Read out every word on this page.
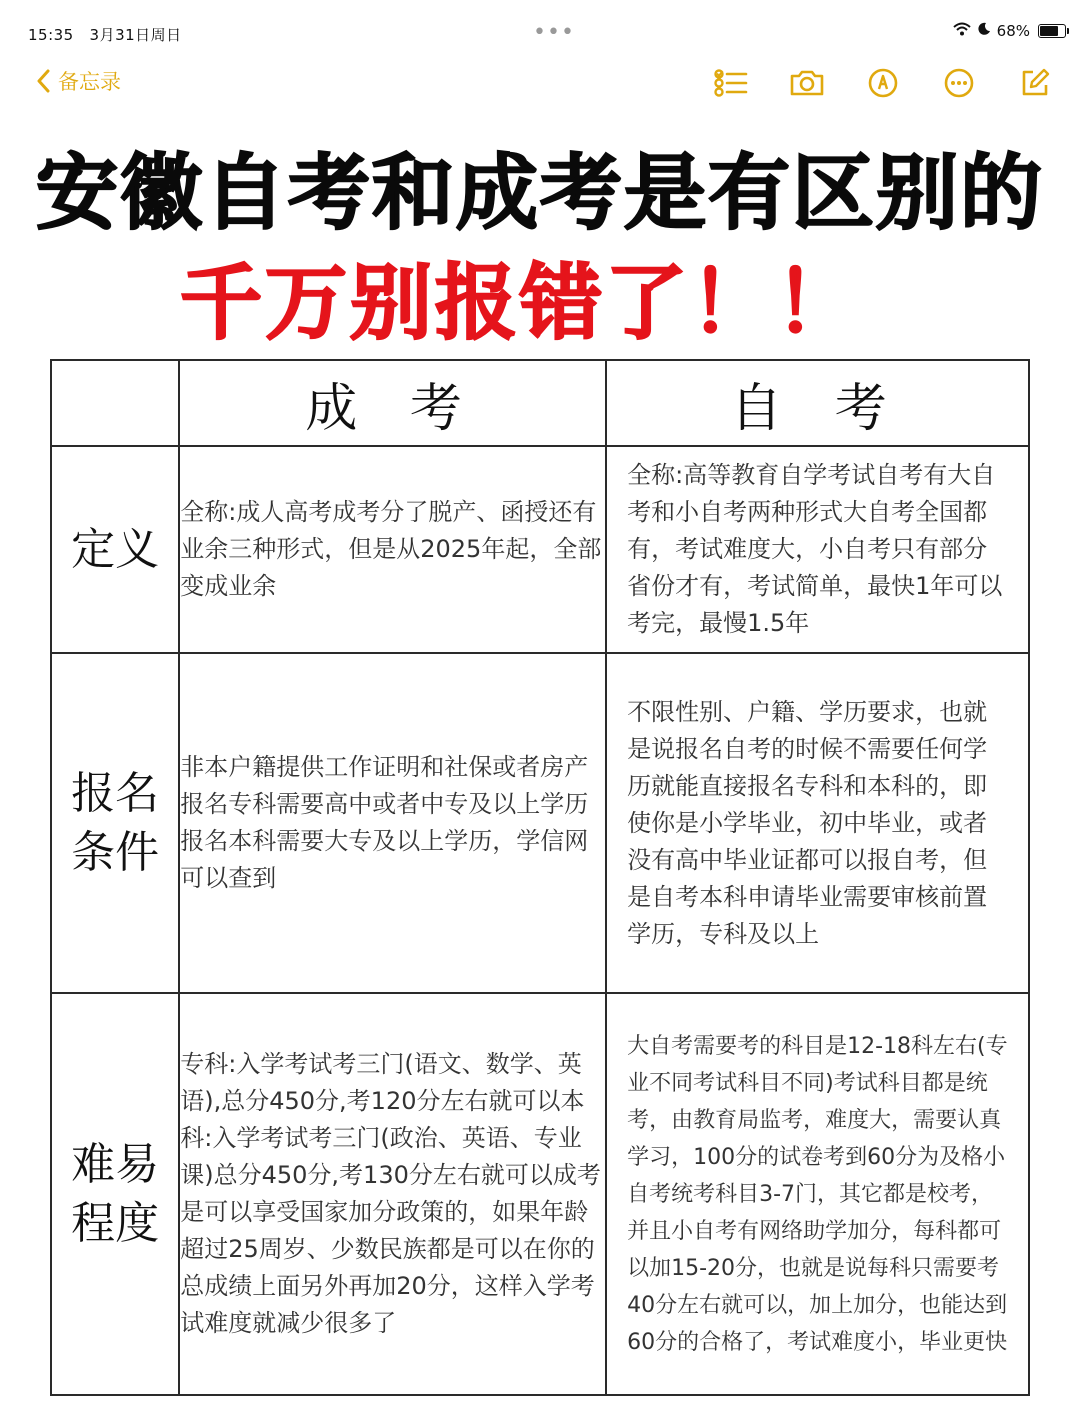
15:35 3月31日周日	•••	68%
备忘录
安徽自考和成考是有区别的
千万别报错了！！
	成 考	自 考

定义	全称:成人高考成考分了脱产、函授还有业余三种形式，但是从2025年起，全部变成业余	全称:高等教育自学考试自考有大自考和小自考两种形式大自考全国都有，考试难度大，小自考只有部分省份才有，考试简单，最快1年可以考完，最慢1.5年

报名条件	非本户籍提供工作证明和社保或者房产报名专科需要高中或者中专及以上学历报名本科需要大专及以上学历，学信网可以查到	不限性别、户籍、学历要求，也就是说报名自考的时候不需要任何学历就能直接报名专科和本科的，即使你是小学毕业，初中毕业，或者没有高中毕业证都可以报自考，但是自考本科申请毕业需要审核前置学历，专科及以上

难易程度	专科:入学考试考三门(语文、数学、英语),总分450分,考120分左右就可以本科:入学考试考三门(政治、英语、专业课)总分450分,考130分左右就可以成考是可以享受国家加分政策的，如果年龄超过25周岁、少数民族都是可以在你的总成绩上面另外再加20分，这样入学考试难度就减少很多了	大自考需要考的科目是12-18科左右(专业不同考试科目不同)考试科目都是统考，由教育局监考，难度大，需要认真学习，100分的试卷考到60分为及格小自考统考科目3-7门，其它都是校考，并且小自考有网络助学加分，每科都可以加15-20分，也就是说每科只需要考40分左右就可以，加上加分，也能达到60分的合格了，考试难度小，毕业更快
